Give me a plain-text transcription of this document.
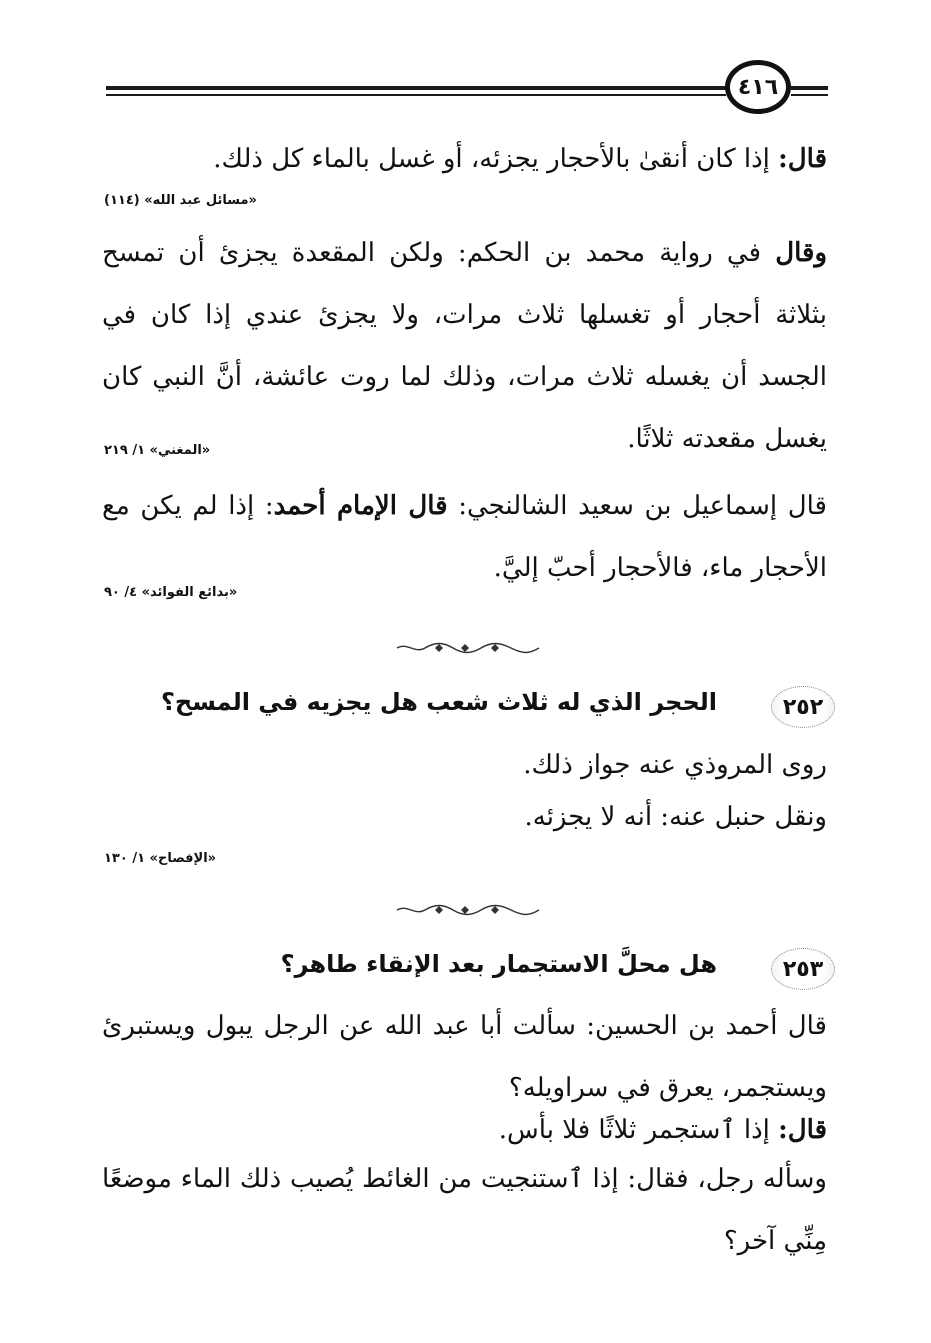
٤١٦
قال: إذا كان أنقىٰ بالأحجار يجزئه، أو غسل بالماء كل ذلك.
«مسائل عبد الله» (١١٤)
وقال في رواية محمد بن الحكم: ولكن المقعدة يجزئ أن تمسح بثلاثة أحجار أو تغسلها ثلاث مرات، ولا يجزئ عندي إذا كان في الجسد أن يغسله ثلاث مرات، وذلك لما روت عائشة، أنَّ النبي كان يغسل مقعدته ثلاثًا.
«المغني» ١/ ٢١٩
قال إسماعيل بن سعيد الشالنجي: قال الإمام أحمد: إذا لم يكن مع الأحجار ماء، فالأحجار أحبّ إليَّ.
«بدائع الفوائد» ٤/ ٩٠
٢٥٢
الحجر الذي له ثلاث شعب هل يجزيه في المسح؟
روى المروذي عنه جواز ذلك.
ونقل حنبل عنه: أنه لا يجزئه.
«الإفصاح» ١/ ١٣٠
٢٥٣
هل محلَّ الاستجمار بعد الإنقاء طاهر؟
قال أحمد بن الحسين: سألت أبا عبد الله عن الرجل يبول ويستبرئ ويستجمر، يعرق في سراويله؟
قال: إذا ٱستجمر ثلاثًا فلا بأس.
وسأله رجل، فقال: إذا ٱستنجيت من الغائط يُصيب ذلك الماء موضعًا مِنِّي آخر؟
